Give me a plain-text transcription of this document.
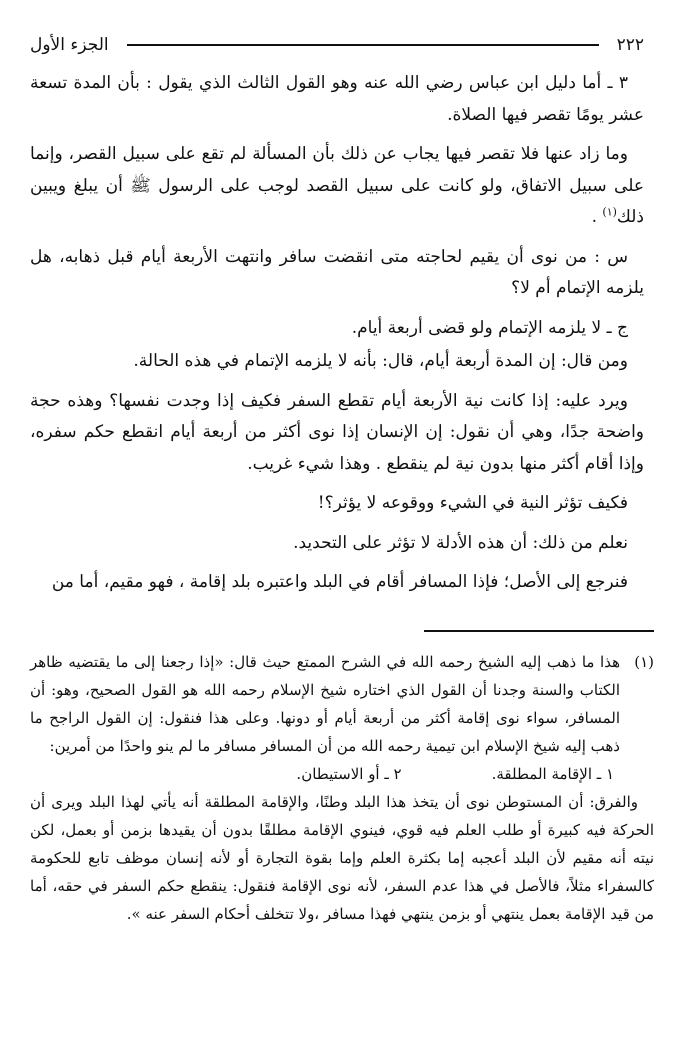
٢٢٢
الجزء الأول

٣ ـ أما دليل ابن عباس رضي الله عنه وهو القول الثالث الذي يقول : بأن المدة تسعة عشر يومًا تقصر فيها الصلاة.

وما زاد عنها فلا تقصر فيها يجاب عن ذلك بأن المسألة لم تقع على سبيل القصر، وإنما على سبيل الاتفاق، ولو كانت على سبيل القصد لوجب على الرسول ﷺ أن يبلغ ويبين ذلك$^{(١)}$ .

س : من نوى أن يقيم لحاجته متى انقضت سافر وانتهت الأربعة أيام قبل ذهابه، هل يلزمه الإتمام أم لا؟

ج ـ لا يلزمه الإتمام ولو قضى أربعة أيام.

ومن قال: إن المدة أربعة أيام، قال: بأنه لا يلزمه الإتمام في هذه الحالة.

ويرد عليه: إذا كانت نية الأربعة أيام تقطع السفر فكيف إذا وجدت نفسها؟ وهذه حجة واضحة جدًا، وهي أن نقول: إن الإنسان إذا نوى أكثر من أربعة أيام انقطع حكم سفره، وإذا أقام أكثر منها بدون نية لم ينقطع . وهذا شيء غريب.

فكيف تؤثر النية في الشيء ووقوعه لا يؤثر؟!

نعلم من ذلك: أن هذه الأدلة لا تؤثر على التحديد.

فنرجع إلى الأصل؛ فإذا المسافر أقام في البلد واعتبره بلد إقامة ، فهو مقيم، أما من

(١)
هذا ما ذهب إليه الشيخ رحمه الله في الشرح الممتع حيث قال: «إذا رجعنا إلى ما يقتضيه ظاهر الكتاب والسنة وجدنا أن القول الذي اختاره شيخ الإسلام رحمه الله هو القول الصحيح، وهو: أن المسافر، سواء نوى إقامة أكثر من أربعة أيام أو دونها. وعلى هذا فنقول: إن القول الراجح ما ذهب إليه شيخ الإسلام ابن تيمية رحمه الله من أن المسافر مسافر ما لم ينو واحدًا من أمرين:

١ ـ الإقامة المطلقة.
٢ ـ أو الاستيطان.

والفرق: أن المستوطن نوى أن يتخذ هذا البلد وطنًا، والإقامة المطلقة أنه يأتي لهذا البلد ويرى أن الحركة فيه كبيرة أو طلب العلم فيه قوي، فينوي الإقامة مطلقًا بدون أن يقيدها بزمن أو بعمل، لكن نيته أنه مقيم لأن البلد أعجبه إما بكثرة العلم وإما بقوة التجارة أو لأنه إنسان موظف تابع للحكومة كالسفراء مثلاً، فالأصل في هذا عدم السفر، لأنه نوى الإقامة فنقول: ينقطع حكم السفر في حقه، أما من قيد الإقامة بعمل ينتهي أو بزمن ينتهي فهذا مسافر ،ولا تتخلف أحكام السفر عنه ».
